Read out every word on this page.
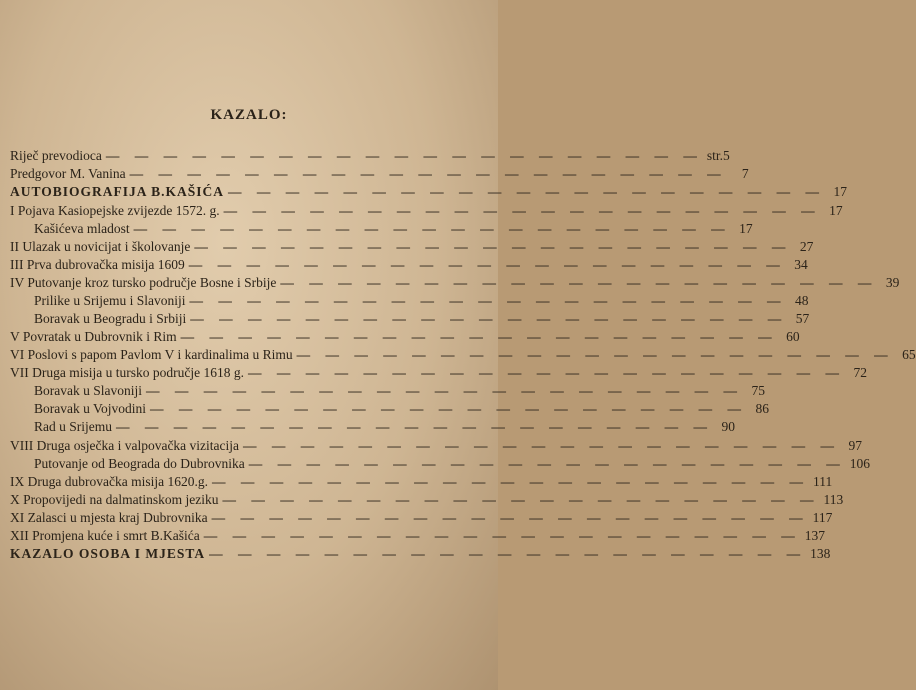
KAZALO:
Riječ prevodioca — — — — — — — — — — — — — — — — — — — — — str.5
Predgovor M. Vanina — — — — — — — — — — — — — — — — — — — — —	7
AUTOBIOGRAFIJA B.KAŠIĆA — — — — — — — — — — — — — — — — — — — — — 17
I Pojava Kasiopejske zvijezde 1572. g. — — — — — — — — — — — — — — — — — — — — — 17
Kašićeva mladost — — — — — — — — — — — — — — — — — — — — — 17
II Ulazak u novicijat i školovanje — — — — — — — — — — — — — — — — — — — — — 27
III Prva dubrovačka misija 1609 — — — — — — — — — — — — — — — — — — — — — 34
IV Putovanje kroz tursko područje Bosne i Srbije — — — — — — — — — — — — — — — — — — — — — 39
Prilike u Srijemu i Slavoniji — — — — — — — — — — — — — — — — — — — — — 48
Boravak u Beogradu i Srbiji — — — — — — — — — — — — — — — — — — — — — 57
V Povratak u Dubrovnik i Rim — — — — — — — — — — — — — — — — — — — — — 60
VI Poslovi s papom Pavlom V i kardinalima u Rimu — — — — — — — — — — — — — — — — — — — — — 65
VII Druga misija u tursko područje 1618 g. — — — — — — — — — — — — — — — — — — — — — 72
Boravak u Slavoniji — — — — — — — — — — — — — — — — — — — — — 75
Boravak u Vojvodini — — — — — — — — — — — — — — — — — — — — — 86
Rad u Srijemu — — — — — — — — — — — — — — — — — — — — — 90
VIII Druga osječka i valpovačka vizitacija — — — — — — — — — — — — — — — — — — — — — 97
Putovanje od Beograda do Dubrovnika — — — — — — — — — — — — — — — — — — — — — 106
IX Druga dubrovačka misija 1620.g. — — — — — — — — — — — — — — — — — — — — — 111
X Propovijedi na dalmatinskom jeziku — — — — — — — — — — — — — — — — — — — — — 113
XI Zalasci u mjesta kraj Dubrovnika — — — — — — — — — — — — — — — — — — — — — 117
XII Promjena kuće i smrt B.Kašića — — — — — — — — — — — — — — — — — — — — — 137
KAZALO OSOBA I MJESTA — — — — — — — — — — — — — — — — — — — — — 138
